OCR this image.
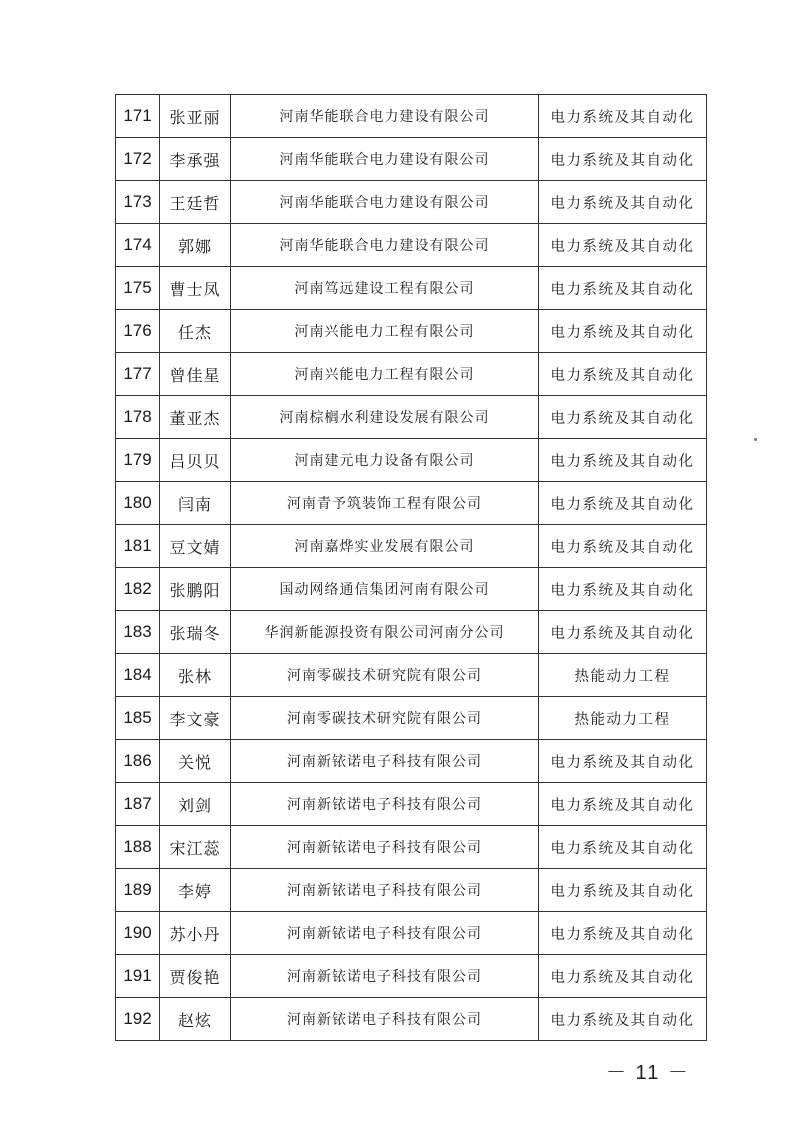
171	张亚丽	河南华能联合电力建设有限公司	电力系统及其自动化
172	李承强	河南华能联合电力建设有限公司	电力系统及其自动化
173	王廷哲	河南华能联合电力建设有限公司	电力系统及其自动化
174	郭娜	河南华能联合电力建设有限公司	电力系统及其自动化
175	曹士凤	河南笃远建设工程有限公司	电力系统及其自动化
176	任杰	河南兴能电力工程有限公司	电力系统及其自动化
177	曾佳星	河南兴能电力工程有限公司	电力系统及其自动化
178	董亚杰	河南棕榈水利建设发展有限公司	电力系统及其自动化
179	吕贝贝	河南建元电力设备有限公司	电力系统及其自动化
180	闫南	河南青予筑装饰工程有限公司	电力系统及其自动化
181	豆文婧	河南嘉烨实业发展有限公司	电力系统及其自动化
182	张鹏阳	国动网络通信集团河南有限公司	电力系统及其自动化
183	张瑞冬	华润新能源投资有限公司河南分公司	电力系统及其自动化
184	张林	河南零碳技术研究院有限公司	热能动力工程
185	李文豪	河南零碳技术研究院有限公司	热能动力工程
186	关悦	河南新铱诺电子科技有限公司	电力系统及其自动化
187	刘剑	河南新铱诺电子科技有限公司	电力系统及其自动化
188	宋江蕊	河南新铱诺电子科技有限公司	电力系统及其自动化
189	李婷	河南新铱诺电子科技有限公司	电力系统及其自动化
190	苏小丹	河南新铱诺电子科技有限公司	电力系统及其自动化
191	贾俊艳	河南新铱诺电子科技有限公司	电力系统及其自动化
192	赵炫	河南新铱诺电子科技有限公司	电力系统及其自动化
－ 11 －
